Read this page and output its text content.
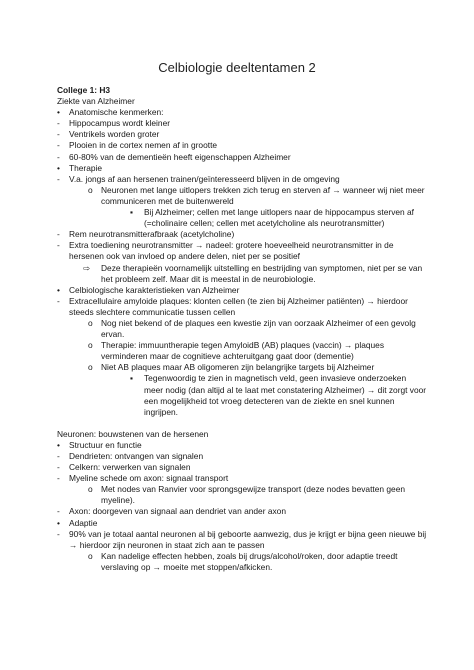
Celbiologie deeltentamen 2
College 1: H3
Ziekte van Alzheimer
•	Anatomische kenmerken:
-	Hippocampus wordt kleiner
-	Ventrikels worden groter
-	Plooien in de cortex nemen af in grootte
-	60-80% van de dementieën heeft eigenschappen Alzheimer
•	Therapie
-	V.a. jongs af aan hersenen trainen/geïnteresseerd blijven in de omgeving
o Neuronen met lange uitlopers trekken zich terug en sterven af → wanneer wij niet meer communiceren met de buitenwereld
▪	Bij Alzheimer; cellen met lange uitlopers naar de hippocampus sterven af (=cholinaire cellen; cellen met acetylcholine als neurotransmitter)
-	Rem neurotransmitterafbraak (acetylcholine)
-	Extra toediening neurotransmitter → nadeel: grotere hoeveelheid neurotransmitter in de hersenen ook van invloed op andere delen, niet per se positief
⇨	Deze therapieën voornamelijk uitstelling en bestrijding van symptomen, niet per se van het probleem zelf. Maar dit is meestal in de neurobiologie.
•	Celbiologische karakteristieken van Alzheimer
-	Extracellulaire amyloide plaques: klonten cellen (te zien bij Alzheimer patiënten) → hierdoor steeds slechtere communicatie tussen cellen
o Nog niet bekend of de plaques een kwestie zijn van oorzaak Alzheimer of een gevolg ervan.
o Therapie: immuuntherapie tegen AmyloidB (AB) plaques (vaccin) → plaques verminderen maar de cognitieve achteruitgang gaat door (dementie)
o Niet AB plaques maar AB oligomeren zijn belangrijke targets bij Alzheimer
▪	Tegenwoordig te zien in magnetisch veld, geen invasieve onderzoeken meer nodig (dan altijd al te laat met constatering Alzheimer) → dit zorgt voor een mogelijkheid tot vroeg detecteren van de ziekte en snel kunnen ingrijpen.
Neuronen: bouwstenen van de hersenen
•	Structuur en functie
-	Dendrieten: ontvangen van signalen
-	Celkern: verwerken van signalen
-	Myeline schede om axon: signaal transport
o Met nodes van Ranvier voor sprongsgewijze transport (deze nodes bevatten geen myeline).
-	Axon: doorgeven van signaal aan dendriet van ander axon
•	Adaptie
-	90% van je totaal aantal neuronen al bij geboorte aanwezig, dus je krijgt er bijna geen nieuwe bij → hierdoor zijn neuronen in staat zich aan te passen
o Kan nadelige effecten hebben, zoals bij drugs/alcohol/roken, door adaptie treedt verslaving op → moeite met stoppen/afkicken.
